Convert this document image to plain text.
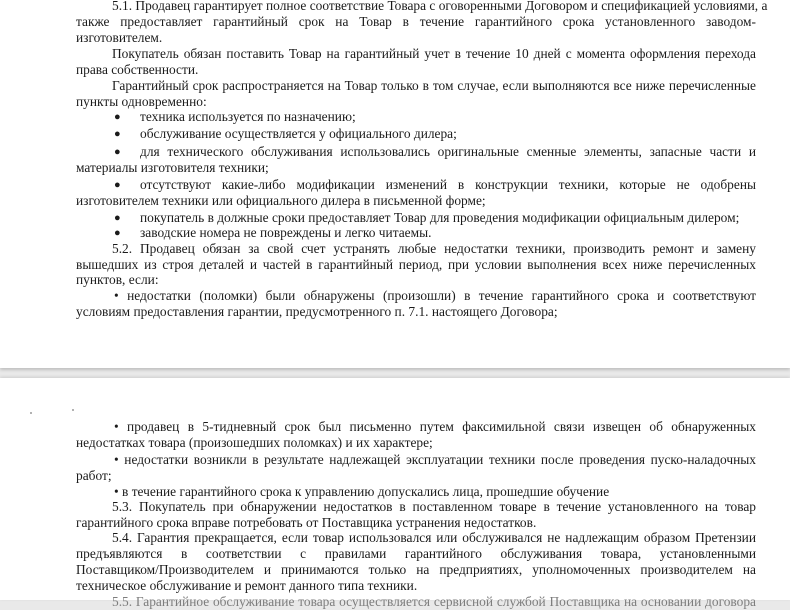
5.1. Продавец гарантирует полное соответствие Товара с оговоренными Договором и спецификацией условиями, а
также предоставляет гарантийный срок на Товар в течение гарантийного срока установленного заводом-
изготовителем.
Покупатель обязан поставить Товар на гарантийный учет в течение 10 дней с момента оформления перехода
права собственности.
Гарантийный срок распространяется на Товар только в том случае, если выполняются все ниже перечисленные
пункты одновременно:
● техника используется по назначению;
● обслуживание осуществляется у официального дилера;
● для технического обслуживания использовались оригинальные сменные элементы, запасные части и
материалы изготовителя техники;
● отсутствуют какие-либо модификации изменений в конструкции техники, которые не одобрены
изготовителем техники или официального дилера в письменной форме;
● покупатель в должные сроки предоставляет Товар для проведения модификации официальным дилером;
● заводские номера не повреждены и легко читаемы.
5.2. Продавец обязан за свой счет устранять любые недостатки техники, производить ремонт и замену
вышедших из строя деталей и частей в гарантийный период, при условии выполнения всех ниже перечисленных
пунктов, если:
• недостатки (поломки) были обнаружены (произошли) в течение гарантийного срока и соответствуют
условиям предоставления гарантии, предусмотренного п. 7.1. настоящего Договора;
• продавец в 5-тидневный срок был письменно путем факсимильной связи извещен об обнаруженных
недостатках товара (произошедших поломках) и их характере;
• недостатки возникли в результате надлежащей эксплуатации техники после проведения пуско-наладочных
работ;
• в течение гарантийного срока к управлению допускались лица, прошедшие обучение
5.3. Покупатель при обнаружении недостатков в поставленном товаре в течение установленного на товар
гарантийного срока вправе потребовать от Поставщика устранения недостатков.
5.4. Гарантия прекращается, если товар использовался или обслуживался не надлежащим образом Претензии
предъявляются в соответствии с правилами гарантийного обслуживания товара, установленными
Поставщиком/Производителем и принимаются только на предприятиях, уполномоченных производителем на
техническое обслуживание и ремонт данного типа техники.
5.5. Гарантийное обслуживание товара осуществляется сервисной службой Поставщика на основании договора
